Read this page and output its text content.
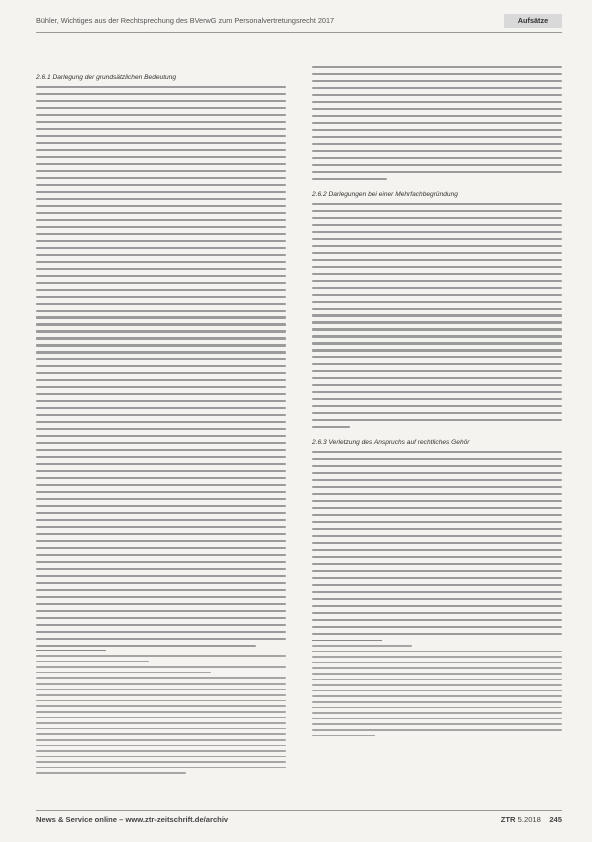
Bühler, Wichtiges aus der Rechtsprechung des BVerwG zum Personalvertretungsrecht 2017	Aufsätze
2.6.1 Darlegung der grundsätzlichen Bedeutung
2.6.2 Darlegungen bei einer Mehrfachbegründung
2.6.3 Verletzung des Anspruchs auf rechtliches Gehör
News & Service online – www.ztr-zeitschrift.de/archiv	ZTR 5.2018 245
